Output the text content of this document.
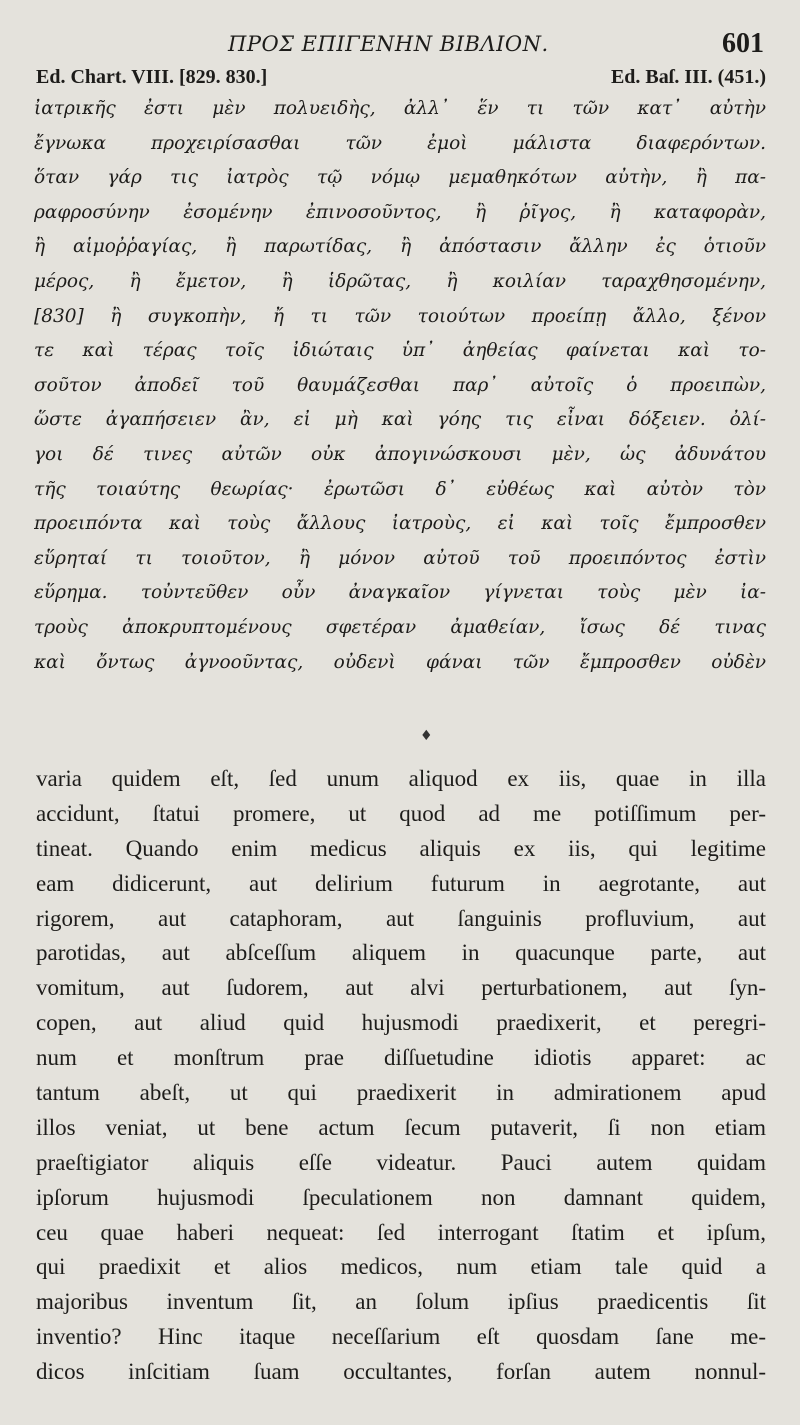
ΠΡΟΣ ΕΠΙΓΕΝΗΝ ΒΙΒΛΙΟΝ.	601
Ed. Chart. VIII. [829. 830.]	Ed. Baſ. III. (451.)
ἰατρικῆς ἐστι μὲν πολυειδὴς, ἀλλ᾽ ἕν τι τῶν κατ᾽ αὐτὴν
ἔγνωκα προχειρίσασθαι τῶν ἐμοὶ μάλιστα διαφερόντων.
ὅταν γάρ τις ἰατρὸς τῷ νόμῳ μεμαθηκότων αὐτὴν, ἢ πα-
ραφροσύνην ἐσομένην ἐπινοσοῦντος, ἢ ῥῖγος, ἢ καταφορὰν,
ἢ αἱμοῤῥαγίας, ἢ παρωτίδας, ἢ ἀπόστασιν ἄλλην ἐς ὁτιοῦν
μέρος, ἢ ἔμετον, ἢ ἱδρῶτας, ἢ κοιλίαν ταραχθησομένην,
[830] ἢ συγκοπὴν, ἤ τι τῶν τοιούτων προείπῃ ἄλλο, ξένον
τε καὶ τέρας τοῖς ἰδιώταις ὑπ᾽ ἀηθείας φαίνεται καὶ το-
σοῦτον ἀποδεῖ τοῦ θαυμάζεσθαι παρ᾽ αὐτοῖς ὁ προειπὼν,
ὥστε ἀγαπήσειεν ἂν, εἰ μὴ καὶ γόης τις εἶναι δόξειεν. ὀλί-
γοι δέ τινες αὐτῶν οὐκ ἀπογινώσκουσι μὲν, ὡς ἀδυνάτου
τῆς τοιαύτης θεωρίας· ἐρωτῶσι δ᾽ εὐθέως καὶ αὐτὸν τὸν
προειπόντα καὶ τοὺς ἄλλους ἰατροὺς, εἰ καὶ τοῖς ἔμπροσθεν
εὕρηταί τι τοιοῦτον, ἢ μόνον αὐτοῦ τοῦ προειπόντος ἐστὶν
εὕρημα. τοὐντεῦθεν οὖν ἀναγκαῖον γίγνεται τοὺς μὲν ἰα-
τροὺς ἀποκρυπτομένους σφετέραν ἀμαθείαν, ἴσως δέ τινας
καὶ ὄντως ἀγνοοῦντας, οὐδενὶ φάναι τῶν ἔμπροσθεν οὐδὲν
♦
varia quidem eſt, ſed unum aliquod ex iis, quae in illa
accidunt, ſtatui promere, ut quod ad me potiſſimum per-
tineat. Quando enim medicus aliquis ex iis, qui legitime
eam didicerunt, aut delirium futurum in aegrotante, aut
rigorem, aut cataphoram, aut ſanguinis profluvium, aut
parotidas, aut abſceſſum aliquem in quacunque parte, aut
vomitum, aut ſudorem, aut alvi perturbationem, aut ſyn-
copen, aut aliud quid hujusmodi praedixerit, et peregri-
num et monſtrum prae diſſuetudine idiotis apparet: ac
tantum abeſt, ut qui praedixerit in admirationem apud
illos veniat, ut bene actum ſecum putaverit, ſi non etiam
praeſtigiator aliquis eſſe videatur. Pauci autem quidam
ipſorum hujusmodi ſpeculationem non damnant quidem,
ceu quae haberi nequeat: ſed interrogant ſtatim et ipſum,
qui praedixit et alios medicos, num etiam tale quid a
majoribus inventum ſit, an ſolum ipſius praedicentis ſit
inventio? Hinc itaque neceſſarium eſt quosdam ſane me-
dicos inſcitiam ſuam occultantes, forſan autem nonnul-
